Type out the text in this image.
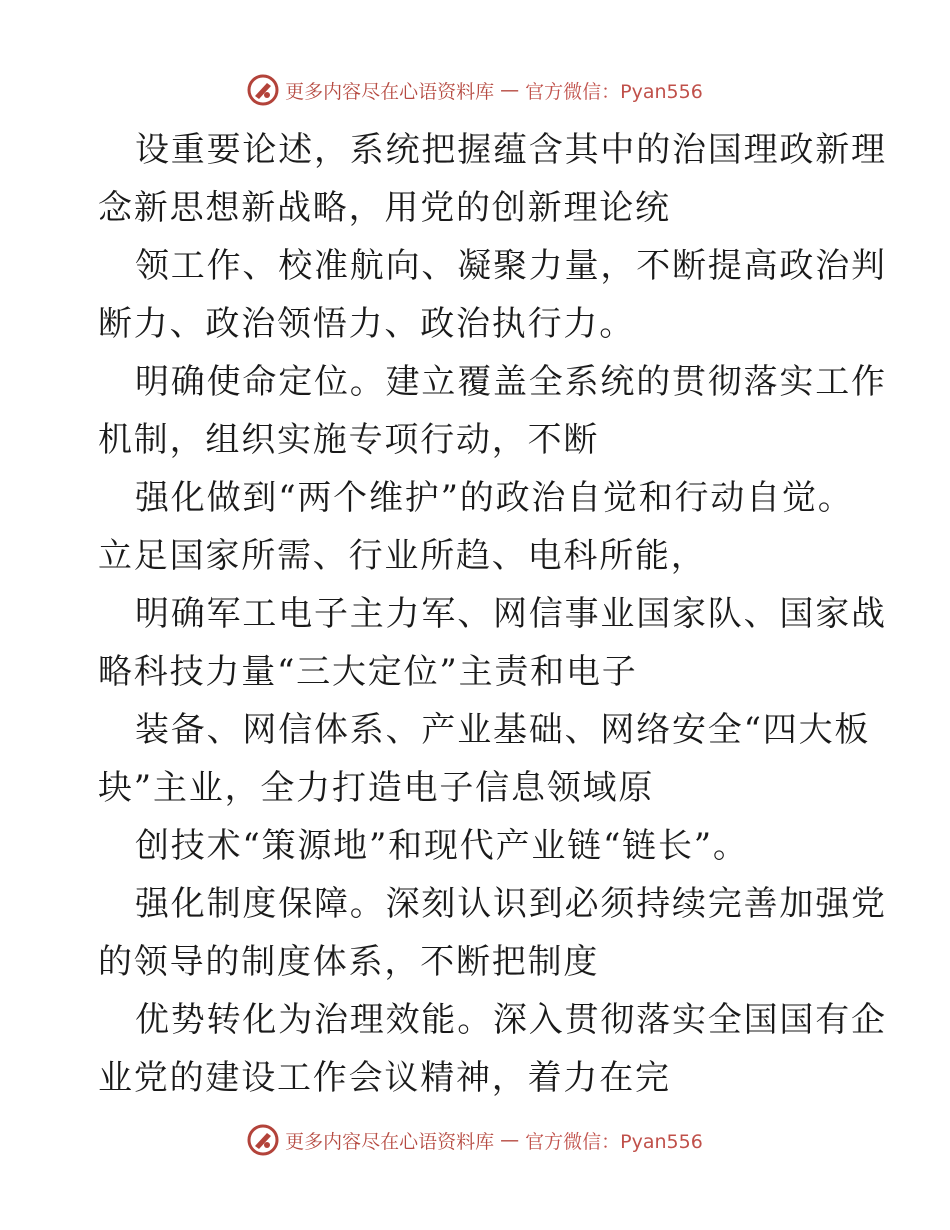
更多内容尽在心语资料库 — 官方微信：Pyan556
设重要论述，系统把握蕴含其中的治国理政新理
念新思想新战略，用党的创新理论统
领工作、校准航向、凝聚力量，不断提高政治判
断力、政治领悟力、政治执行力。
明确使命定位。建立覆盖全系统的贯彻落实工作
机制，组织实施专项行动，不断
强化做到“两个维护”的政治自觉和行动自觉。
立足国家所需、行业所趋、电科所能，
明确军工电子主力军、网信事业国家队、国家战
略科技力量“三大定位”主责和电子
装备、网信体系、产业基础、网络安全“四大板
块”主业，全力打造电子信息领域原
创技术“策源地”和现代产业链“链长”。
强化制度保障。深刻认识到必须持续完善加强党
的领导的制度体系，不断把制度
优势转化为治理效能。深入贯彻落实全国国有企
业党的建设工作会议精神，着力在完
更多内容尽在心语资料库 — 官方微信：Pyan556
